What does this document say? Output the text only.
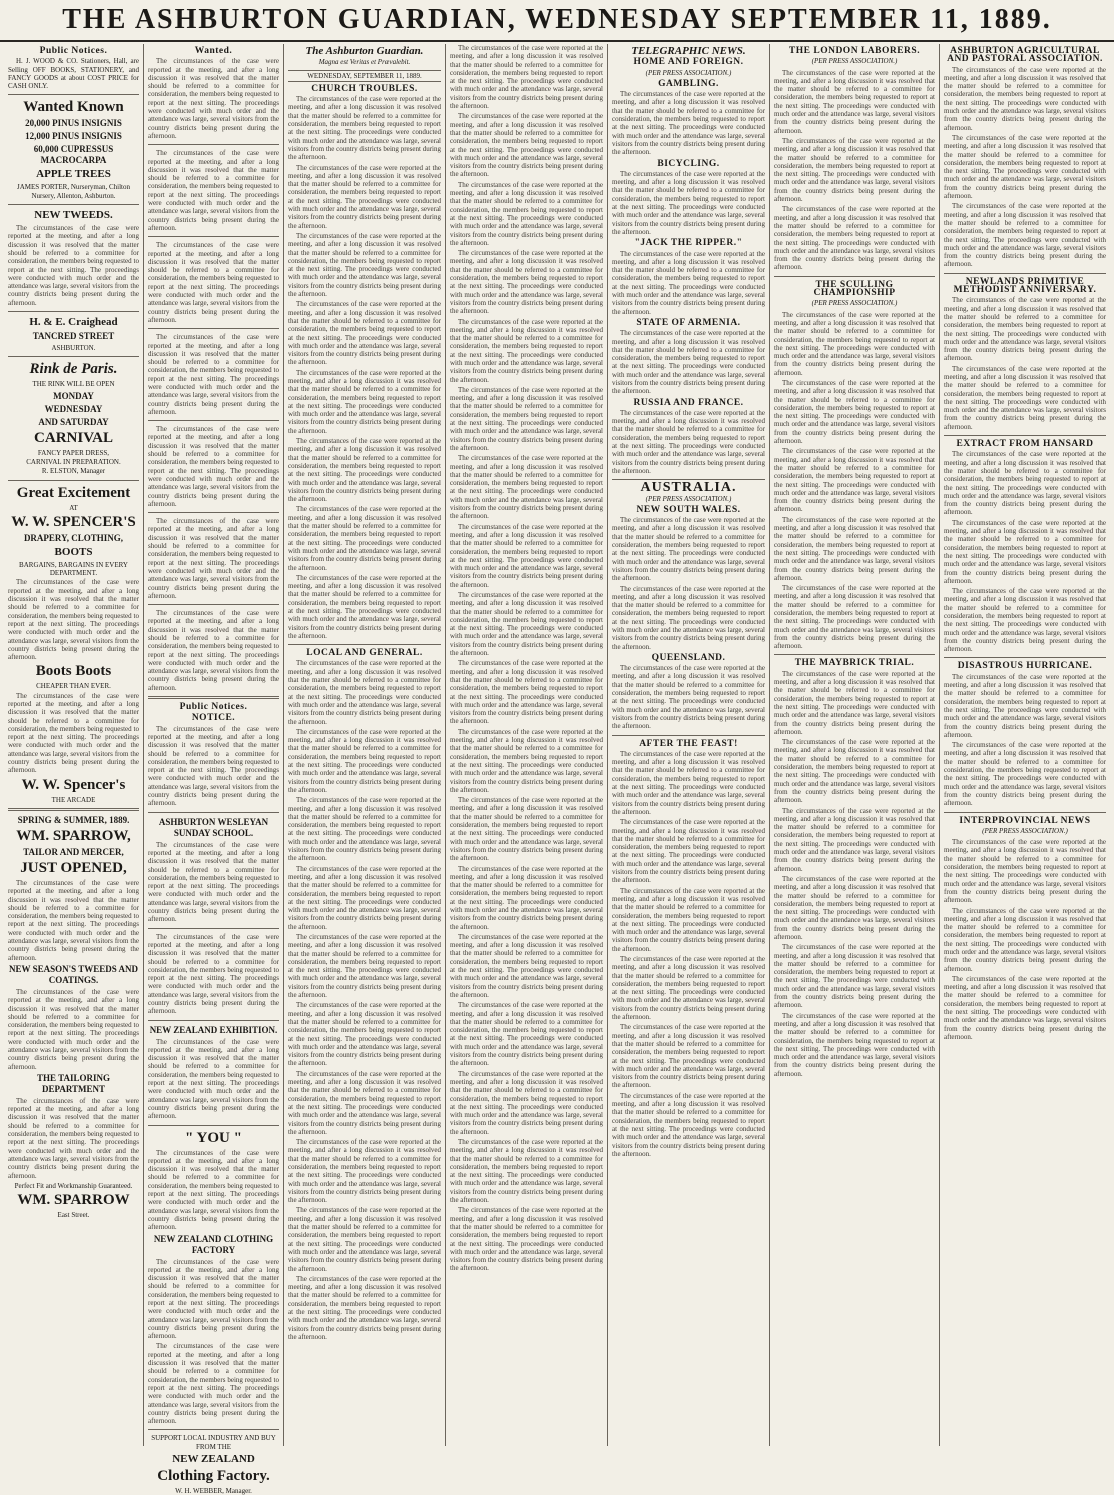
THE ASHBURTON GUARDIAN, WEDNESDAY SEPTEMBER 11, 1889.
Public Notices.
H. J. WOOD & CO. Stationers, Hall, are Selling OFF BOOKS, STATIONERY, and FANCY GOODS at about COST PRICE for CASH ONLY.
Wanted Known
20,000 PINUS INSIGNIS
12,000 PINUS INSIGNIS
60,000 CUPRESSUS MACROCARPA
APPLE TREES
JAMES PORTER, Nurseryman, Chilton Nursery, Allenton, Ashburton.
NEW TWEEDS.
The circumstances of the case were reported at the meeting, and after a long discussion it was resolved that the matter should be referred to a committee for consideration, the members being requested to report at the next sitting. The proceedings were conducted with much order and the attendance was large, several visitors from the country districts being present during the afternoon.
H. & E. Craighead
TANCRED STREET
ASHBURTON.
Rink de Paris.
THE RINK WILL BE OPEN
MONDAY
WEDNESDAY
AND SATURDAY
CARNIVAL
FANCY PAPER DRESS,
CARNIVAL IN PREPARATION.
R. ELSTON, Manager
Great Excitement
AT
W. W. SPENCER'S
DRAPERY, CLOTHING,
BOOTS
BARGAINS, BARGAINS IN EVERY DEPARTMENT.
The circumstances of the case were reported at the meeting, and after a long discussion it was resolved that the matter should be referred to a committee for consideration, the members being requested to report at the next sitting. The proceedings were conducted with much order and the attendance was large, several visitors from the country districts being present during the afternoon.
Boots Boots
CHEAPER THAN EVER.
The circumstances of the case were reported at the meeting, and after a long discussion it was resolved that the matter should be referred to a committee for consideration, the members being requested to report at the next sitting. The proceedings were conducted with much order and the attendance was large, several visitors from the country districts being present during the afternoon.
W. W. Spencer's
THE ARCADE
SPRING & SUMMER, 1889.
WM. SPARROW,
TAILOR AND MERCER,
JUST OPENED,
The circumstances of the case were reported at the meeting, and after a long discussion it was resolved that the matter should be referred to a committee for consideration, the members being requested to report at the next sitting. The proceedings were conducted with much order and the attendance was large, several visitors from the country districts being present during the afternoon.
NEW SEASON'S TWEEDS AND COATINGS.
The circumstances of the case were reported at the meeting, and after a long discussion it was resolved that the matter should be referred to a committee for consideration, the members being requested to report at the next sitting. The proceedings were conducted with much order and the attendance was large, several visitors from the country districts being present during the afternoon.
THE TAILORING DEPARTMENT
The circumstances of the case were reported at the meeting, and after a long discussion it was resolved that the matter should be referred to a committee for consideration, the members being requested to report at the next sitting. The proceedings were conducted with much order and the attendance was large, several visitors from the country districts being present during the afternoon.
Perfect Fit and Workmanship Guaranteed.
WM. SPARROW
East Street.
Wanted.
The circumstances of the case were reported at the meeting, and after a long discussion it was resolved that the matter should be referred to a committee for consideration, the members being requested to report at the next sitting. The proceedings were conducted with much order and the attendance was large, several visitors from the country districts being present during the afternoon.
The circumstances of the case were reported at the meeting, and after a long discussion it was resolved that the matter should be referred to a committee for consideration, the members being requested to report at the next sitting. The proceedings were conducted with much order and the attendance was large, several visitors from the country districts being present during the afternoon.
The circumstances of the case were reported at the meeting, and after a long discussion it was resolved that the matter should be referred to a committee for consideration, the members being requested to report at the next sitting. The proceedings were conducted with much order and the attendance was large, several visitors from the country districts being present during the afternoon.
The circumstances of the case were reported at the meeting, and after a long discussion it was resolved that the matter should be referred to a committee for consideration, the members being requested to report at the next sitting. The proceedings were conducted with much order and the attendance was large, several visitors from the country districts being present during the afternoon.
The circumstances of the case were reported at the meeting, and after a long discussion it was resolved that the matter should be referred to a committee for consideration, the members being requested to report at the next sitting. The proceedings were conducted with much order and the attendance was large, several visitors from the country districts being present during the afternoon.
The circumstances of the case were reported at the meeting, and after a long discussion it was resolved that the matter should be referred to a committee for consideration, the members being requested to report at the next sitting. The proceedings were conducted with much order and the attendance was large, several visitors from the country districts being present during the afternoon.
The circumstances of the case were reported at the meeting, and after a long discussion it was resolved that the matter should be referred to a committee for consideration, the members being requested to report at the next sitting. The proceedings were conducted with much order and the attendance was large, several visitors from the country districts being present during the afternoon.
Public Notices.
NOTICE.
The circumstances of the case were reported at the meeting, and after a long discussion it was resolved that the matter should be referred to a committee for consideration, the members being requested to report at the next sitting. The proceedings were conducted with much order and the attendance was large, several visitors from the country districts being present during the afternoon.
ASHBURTON WESLEYAN SUNDAY SCHOOL.
The circumstances of the case were reported at the meeting, and after a long discussion it was resolved that the matter should be referred to a committee for consideration, the members being requested to report at the next sitting. The proceedings were conducted with much order and the attendance was large, several visitors from the country districts being present during the afternoon.
The circumstances of the case were reported at the meeting, and after a long discussion it was resolved that the matter should be referred to a committee for consideration, the members being requested to report at the next sitting. The proceedings were conducted with much order and the attendance was large, several visitors from the country districts being present during the afternoon.
NEW ZEALAND EXHIBITION.
The circumstances of the case were reported at the meeting, and after a long discussion it was resolved that the matter should be referred to a committee for consideration, the members being requested to report at the next sitting. The proceedings were conducted with much order and the attendance was large, several visitors from the country districts being present during the afternoon.
" YOU "
The circumstances of the case were reported at the meeting, and after a long discussion it was resolved that the matter should be referred to a committee for consideration, the members being requested to report at the next sitting. The proceedings were conducted with much order and the attendance was large, several visitors from the country districts being present during the afternoon.
NEW ZEALAND CLOTHING FACTORY
The circumstances of the case were reported at the meeting, and after a long discussion it was resolved that the matter should be referred to a committee for consideration, the members being requested to report at the next sitting. The proceedings were conducted with much order and the attendance was large, several visitors from the country districts being present during the afternoon.
The circumstances of the case were reported at the meeting, and after a long discussion it was resolved that the matter should be referred to a committee for consideration, the members being requested to report at the next sitting. The proceedings were conducted with much order and the attendance was large, several visitors from the country districts being present during the afternoon.
SUPPORT LOCAL INDUSTRY AND BUY FROM THE
NEW ZEALAND
Clothing Factory.
W. H. WEBBER, Manager.
The Ashburton Guardian.
Magna est Veritas et Prævalebit.
WEDNESDAY, SEPTEMBER 11, 1889.
CHURCH TROUBLES.
The circumstances of the case were reported at the meeting, and after a long discussion it was resolved that the matter should be referred to a committee for consideration, the members being requested to report at the next sitting. The proceedings were conducted with much order and the attendance was large, several visitors from the country districts being present during the afternoon.
The circumstances of the case were reported at the meeting, and after a long discussion it was resolved that the matter should be referred to a committee for consideration, the members being requested to report at the next sitting. The proceedings were conducted with much order and the attendance was large, several visitors from the country districts being present during the afternoon.
The circumstances of the case were reported at the meeting, and after a long discussion it was resolved that the matter should be referred to a committee for consideration, the members being requested to report at the next sitting. The proceedings were conducted with much order and the attendance was large, several visitors from the country districts being present during the afternoon.
The circumstances of the case were reported at the meeting, and after a long discussion it was resolved that the matter should be referred to a committee for consideration, the members being requested to report at the next sitting. The proceedings were conducted with much order and the attendance was large, several visitors from the country districts being present during the afternoon.
The circumstances of the case were reported at the meeting, and after a long discussion it was resolved that the matter should be referred to a committee for consideration, the members being requested to report at the next sitting. The proceedings were conducted with much order and the attendance was large, several visitors from the country districts being present during the afternoon.
The circumstances of the case were reported at the meeting, and after a long discussion it was resolved that the matter should be referred to a committee for consideration, the members being requested to report at the next sitting. The proceedings were conducted with much order and the attendance was large, several visitors from the country districts being present during the afternoon.
The circumstances of the case were reported at the meeting, and after a long discussion it was resolved that the matter should be referred to a committee for consideration, the members being requested to report at the next sitting. The proceedings were conducted with much order and the attendance was large, several visitors from the country districts being present during the afternoon.
The circumstances of the case were reported at the meeting, and after a long discussion it was resolved that the matter should be referred to a committee for consideration, the members being requested to report at the next sitting. The proceedings were conducted with much order and the attendance was large, several visitors from the country districts being present during the afternoon.
LOCAL AND GENERAL.
The circumstances of the case were reported at the meeting, and after a long discussion it was resolved that the matter should be referred to a committee for consideration, the members being requested to report at the next sitting. The proceedings were conducted with much order and the attendance was large, several visitors from the country districts being present during the afternoon.
The circumstances of the case were reported at the meeting, and after a long discussion it was resolved that the matter should be referred to a committee for consideration, the members being requested to report at the next sitting. The proceedings were conducted with much order and the attendance was large, several visitors from the country districts being present during the afternoon.
The circumstances of the case were reported at the meeting, and after a long discussion it was resolved that the matter should be referred to a committee for consideration, the members being requested to report at the next sitting. The proceedings were conducted with much order and the attendance was large, several visitors from the country districts being present during the afternoon.
The circumstances of the case were reported at the meeting, and after a long discussion it was resolved that the matter should be referred to a committee for consideration, the members being requested to report at the next sitting. The proceedings were conducted with much order and the attendance was large, several visitors from the country districts being present during the afternoon.
The circumstances of the case were reported at the meeting, and after a long discussion it was resolved that the matter should be referred to a committee for consideration, the members being requested to report at the next sitting. The proceedings were conducted with much order and the attendance was large, several visitors from the country districts being present during the afternoon.
The circumstances of the case were reported at the meeting, and after a long discussion it was resolved that the matter should be referred to a committee for consideration, the members being requested to report at the next sitting. The proceedings were conducted with much order and the attendance was large, several visitors from the country districts being present during the afternoon.
The circumstances of the case were reported at the meeting, and after a long discussion it was resolved that the matter should be referred to a committee for consideration, the members being requested to report at the next sitting. The proceedings were conducted with much order and the attendance was large, several visitors from the country districts being present during the afternoon.
The circumstances of the case were reported at the meeting, and after a long discussion it was resolved that the matter should be referred to a committee for consideration, the members being requested to report at the next sitting. The proceedings were conducted with much order and the attendance was large, several visitors from the country districts being present during the afternoon.
The circumstances of the case were reported at the meeting, and after a long discussion it was resolved that the matter should be referred to a committee for consideration, the members being requested to report at the next sitting. The proceedings were conducted with much order and the attendance was large, several visitors from the country districts being present during the afternoon.
The circumstances of the case were reported at the meeting, and after a long discussion it was resolved that the matter should be referred to a committee for consideration, the members being requested to report at the next sitting. The proceedings were conducted with much order and the attendance was large, several visitors from the country districts being present during the afternoon.
The circumstances of the case were reported at the meeting, and after a long discussion it was resolved that the matter should be referred to a committee for consideration, the members being requested to report at the next sitting. The proceedings were conducted with much order and the attendance was large, several visitors from the country districts being present during the afternoon.
The circumstances of the case were reported at the meeting, and after a long discussion it was resolved that the matter should be referred to a committee for consideration, the members being requested to report at the next sitting. The proceedings were conducted with much order and the attendance was large, several visitors from the country districts being present during the afternoon.
The circumstances of the case were reported at the meeting, and after a long discussion it was resolved that the matter should be referred to a committee for consideration, the members being requested to report at the next sitting. The proceedings were conducted with much order and the attendance was large, several visitors from the country districts being present during the afternoon.
The circumstances of the case were reported at the meeting, and after a long discussion it was resolved that the matter should be referred to a committee for consideration, the members being requested to report at the next sitting. The proceedings were conducted with much order and the attendance was large, several visitors from the country districts being present during the afternoon.
The circumstances of the case were reported at the meeting, and after a long discussion it was resolved that the matter should be referred to a committee for consideration, the members being requested to report at the next sitting. The proceedings were conducted with much order and the attendance was large, several visitors from the country districts being present during the afternoon.
The circumstances of the case were reported at the meeting, and after a long discussion it was resolved that the matter should be referred to a committee for consideration, the members being requested to report at the next sitting. The proceedings were conducted with much order and the attendance was large, several visitors from the country districts being present during the afternoon.
The circumstances of the case were reported at the meeting, and after a long discussion it was resolved that the matter should be referred to a committee for consideration, the members being requested to report at the next sitting. The proceedings were conducted with much order and the attendance was large, several visitors from the country districts being present during the afternoon.
The circumstances of the case were reported at the meeting, and after a long discussion it was resolved that the matter should be referred to a committee for consideration, the members being requested to report at the next sitting. The proceedings were conducted with much order and the attendance was large, several visitors from the country districts being present during the afternoon.
The circumstances of the case were reported at the meeting, and after a long discussion it was resolved that the matter should be referred to a committee for consideration, the members being requested to report at the next sitting. The proceedings were conducted with much order and the attendance was large, several visitors from the country districts being present during the afternoon.
The circumstances of the case were reported at the meeting, and after a long discussion it was resolved that the matter should be referred to a committee for consideration, the members being requested to report at the next sitting. The proceedings were conducted with much order and the attendance was large, several visitors from the country districts being present during the afternoon.
The circumstances of the case were reported at the meeting, and after a long discussion it was resolved that the matter should be referred to a committee for consideration, the members being requested to report at the next sitting. The proceedings were conducted with much order and the attendance was large, several visitors from the country districts being present during the afternoon.
The circumstances of the case were reported at the meeting, and after a long discussion it was resolved that the matter should be referred to a committee for consideration, the members being requested to report at the next sitting. The proceedings were conducted with much order and the attendance was large, several visitors from the country districts being present during the afternoon.
The circumstances of the case were reported at the meeting, and after a long discussion it was resolved that the matter should be referred to a committee for consideration, the members being requested to report at the next sitting. The proceedings were conducted with much order and the attendance was large, several visitors from the country districts being present during the afternoon.
The circumstances of the case were reported at the meeting, and after a long discussion it was resolved that the matter should be referred to a committee for consideration, the members being requested to report at the next sitting. The proceedings were conducted with much order and the attendance was large, several visitors from the country districts being present during the afternoon.
The circumstances of the case were reported at the meeting, and after a long discussion it was resolved that the matter should be referred to a committee for consideration, the members being requested to report at the next sitting. The proceedings were conducted with much order and the attendance was large, several visitors from the country districts being present during the afternoon.
The circumstances of the case were reported at the meeting, and after a long discussion it was resolved that the matter should be referred to a committee for consideration, the members being requested to report at the next sitting. The proceedings were conducted with much order and the attendance was large, several visitors from the country districts being present during the afternoon.
The circumstances of the case were reported at the meeting, and after a long discussion it was resolved that the matter should be referred to a committee for consideration, the members being requested to report at the next sitting. The proceedings were conducted with much order and the attendance was large, several visitors from the country districts being present during the afternoon.
The circumstances of the case were reported at the meeting, and after a long discussion it was resolved that the matter should be referred to a committee for consideration, the members being requested to report at the next sitting. The proceedings were conducted with much order and the attendance was large, several visitors from the country districts being present during the afternoon.
TELEGRAPHIC NEWS.
HOME AND FOREIGN.
(PER PRESS ASSOCIATION.)
GAMBLING.
The circumstances of the case were reported at the meeting, and after a long discussion it was resolved that the matter should be referred to a committee for consideration, the members being requested to report at the next sitting. The proceedings were conducted with much order and the attendance was large, several visitors from the country districts being present during the afternoon.
BICYCLING.
The circumstances of the case were reported at the meeting, and after a long discussion it was resolved that the matter should be referred to a committee for consideration, the members being requested to report at the next sitting. The proceedings were conducted with much order and the attendance was large, several visitors from the country districts being present during the afternoon.
"JACK THE RIPPER."
The circumstances of the case were reported at the meeting, and after a long discussion it was resolved that the matter should be referred to a committee for consideration, the members being requested to report at the next sitting. The proceedings were conducted with much order and the attendance was large, several visitors from the country districts being present during the afternoon.
STATE OF ARMENIA.
The circumstances of the case were reported at the meeting, and after a long discussion it was resolved that the matter should be referred to a committee for consideration, the members being requested to report at the next sitting. The proceedings were conducted with much order and the attendance was large, several visitors from the country districts being present during the afternoon.
RUSSIA AND FRANCE.
The circumstances of the case were reported at the meeting, and after a long discussion it was resolved that the matter should be referred to a committee for consideration, the members being requested to report at the next sitting. The proceedings were conducted with much order and the attendance was large, several visitors from the country districts being present during the afternoon.
AUSTRALIA.
(PER PRESS ASSOCIATION.)
NEW SOUTH WALES.
The circumstances of the case were reported at the meeting, and after a long discussion it was resolved that the matter should be referred to a committee for consideration, the members being requested to report at the next sitting. The proceedings were conducted with much order and the attendance was large, several visitors from the country districts being present during the afternoon.
The circumstances of the case were reported at the meeting, and after a long discussion it was resolved that the matter should be referred to a committee for consideration, the members being requested to report at the next sitting. The proceedings were conducted with much order and the attendance was large, several visitors from the country districts being present during the afternoon.
QUEENSLAND.
The circumstances of the case were reported at the meeting, and after a long discussion it was resolved that the matter should be referred to a committee for consideration, the members being requested to report at the next sitting. The proceedings were conducted with much order and the attendance was large, several visitors from the country districts being present during the afternoon.
AFTER THE FEAST!
The circumstances of the case were reported at the meeting, and after a long discussion it was resolved that the matter should be referred to a committee for consideration, the members being requested to report at the next sitting. The proceedings were conducted with much order and the attendance was large, several visitors from the country districts being present during the afternoon.
The circumstances of the case were reported at the meeting, and after a long discussion it was resolved that the matter should be referred to a committee for consideration, the members being requested to report at the next sitting. The proceedings were conducted with much order and the attendance was large, several visitors from the country districts being present during the afternoon.
The circumstances of the case were reported at the meeting, and after a long discussion it was resolved that the matter should be referred to a committee for consideration, the members being requested to report at the next sitting. The proceedings were conducted with much order and the attendance was large, several visitors from the country districts being present during the afternoon.
The circumstances of the case were reported at the meeting, and after a long discussion it was resolved that the matter should be referred to a committee for consideration, the members being requested to report at the next sitting. The proceedings were conducted with much order and the attendance was large, several visitors from the country districts being present during the afternoon.
The circumstances of the case were reported at the meeting, and after a long discussion it was resolved that the matter should be referred to a committee for consideration, the members being requested to report at the next sitting. The proceedings were conducted with much order and the attendance was large, several visitors from the country districts being present during the afternoon.
The circumstances of the case were reported at the meeting, and after a long discussion it was resolved that the matter should be referred to a committee for consideration, the members being requested to report at the next sitting. The proceedings were conducted with much order and the attendance was large, several visitors from the country districts being present during the afternoon.
THE LONDON LABORERS.
(PER PRESS ASSOCIATION.)
The circumstances of the case were reported at the meeting, and after a long discussion it was resolved that the matter should be referred to a committee for consideration, the members being requested to report at the next sitting. The proceedings were conducted with much order and the attendance was large, several visitors from the country districts being present during the afternoon.
The circumstances of the case were reported at the meeting, and after a long discussion it was resolved that the matter should be referred to a committee for consideration, the members being requested to report at the next sitting. The proceedings were conducted with much order and the attendance was large, several visitors from the country districts being present during the afternoon.
The circumstances of the case were reported at the meeting, and after a long discussion it was resolved that the matter should be referred to a committee for consideration, the members being requested to report at the next sitting. The proceedings were conducted with much order and the attendance was large, several visitors from the country districts being present during the afternoon.
THE SCULLING CHAMPIONSHIP
(PER PRESS ASSOCIATION.)
The circumstances of the case were reported at the meeting, and after a long discussion it was resolved that the matter should be referred to a committee for consideration, the members being requested to report at the next sitting. The proceedings were conducted with much order and the attendance was large, several visitors from the country districts being present during the afternoon.
The circumstances of the case were reported at the meeting, and after a long discussion it was resolved that the matter should be referred to a committee for consideration, the members being requested to report at the next sitting. The proceedings were conducted with much order and the attendance was large, several visitors from the country districts being present during the afternoon.
The circumstances of the case were reported at the meeting, and after a long discussion it was resolved that the matter should be referred to a committee for consideration, the members being requested to report at the next sitting. The proceedings were conducted with much order and the attendance was large, several visitors from the country districts being present during the afternoon.
The circumstances of the case were reported at the meeting, and after a long discussion it was resolved that the matter should be referred to a committee for consideration, the members being requested to report at the next sitting. The proceedings were conducted with much order and the attendance was large, several visitors from the country districts being present during the afternoon.
The circumstances of the case were reported at the meeting, and after a long discussion it was resolved that the matter should be referred to a committee for consideration, the members being requested to report at the next sitting. The proceedings were conducted with much order and the attendance was large, several visitors from the country districts being present during the afternoon.
THE MAYBRICK TRIAL.
The circumstances of the case were reported at the meeting, and after a long discussion it was resolved that the matter should be referred to a committee for consideration, the members being requested to report at the next sitting. The proceedings were conducted with much order and the attendance was large, several visitors from the country districts being present during the afternoon.
The circumstances of the case were reported at the meeting, and after a long discussion it was resolved that the matter should be referred to a committee for consideration, the members being requested to report at the next sitting. The proceedings were conducted with much order and the attendance was large, several visitors from the country districts being present during the afternoon.
The circumstances of the case were reported at the meeting, and after a long discussion it was resolved that the matter should be referred to a committee for consideration, the members being requested to report at the next sitting. The proceedings were conducted with much order and the attendance was large, several visitors from the country districts being present during the afternoon.
The circumstances of the case were reported at the meeting, and after a long discussion it was resolved that the matter should be referred to a committee for consideration, the members being requested to report at the next sitting. The proceedings were conducted with much order and the attendance was large, several visitors from the country districts being present during the afternoon.
The circumstances of the case were reported at the meeting, and after a long discussion it was resolved that the matter should be referred to a committee for consideration, the members being requested to report at the next sitting. The proceedings were conducted with much order and the attendance was large, several visitors from the country districts being present during the afternoon.
The circumstances of the case were reported at the meeting, and after a long discussion it was resolved that the matter should be referred to a committee for consideration, the members being requested to report at the next sitting. The proceedings were conducted with much order and the attendance was large, several visitors from the country districts being present during the afternoon.
ASHBURTON AGRICULTURAL AND PASTORAL ASSOCIATION.
The circumstances of the case were reported at the meeting, and after a long discussion it was resolved that the matter should be referred to a committee for consideration, the members being requested to report at the next sitting. The proceedings were conducted with much order and the attendance was large, several visitors from the country districts being present during the afternoon.
The circumstances of the case were reported at the meeting, and after a long discussion it was resolved that the matter should be referred to a committee for consideration, the members being requested to report at the next sitting. The proceedings were conducted with much order and the attendance was large, several visitors from the country districts being present during the afternoon.
The circumstances of the case were reported at the meeting, and after a long discussion it was resolved that the matter should be referred to a committee for consideration, the members being requested to report at the next sitting. The proceedings were conducted with much order and the attendance was large, several visitors from the country districts being present during the afternoon.
NEWLANDS PRIMITIVE METHODIST ANNIVERSARY.
The circumstances of the case were reported at the meeting, and after a long discussion it was resolved that the matter should be referred to a committee for consideration, the members being requested to report at the next sitting. The proceedings were conducted with much order and the attendance was large, several visitors from the country districts being present during the afternoon.
The circumstances of the case were reported at the meeting, and after a long discussion it was resolved that the matter should be referred to a committee for consideration, the members being requested to report at the next sitting. The proceedings were conducted with much order and the attendance was large, several visitors from the country districts being present during the afternoon.
EXTRACT FROM HANSARD
The circumstances of the case were reported at the meeting, and after a long discussion it was resolved that the matter should be referred to a committee for consideration, the members being requested to report at the next sitting. The proceedings were conducted with much order and the attendance was large, several visitors from the country districts being present during the afternoon.
The circumstances of the case were reported at the meeting, and after a long discussion it was resolved that the matter should be referred to a committee for consideration, the members being requested to report at the next sitting. The proceedings were conducted with much order and the attendance was large, several visitors from the country districts being present during the afternoon.
The circumstances of the case were reported at the meeting, and after a long discussion it was resolved that the matter should be referred to a committee for consideration, the members being requested to report at the next sitting. The proceedings were conducted with much order and the attendance was large, several visitors from the country districts being present during the afternoon.
DISASTROUS HURRICANE.
The circumstances of the case were reported at the meeting, and after a long discussion it was resolved that the matter should be referred to a committee for consideration, the members being requested to report at the next sitting. The proceedings were conducted with much order and the attendance was large, several visitors from the country districts being present during the afternoon.
The circumstances of the case were reported at the meeting, and after a long discussion it was resolved that the matter should be referred to a committee for consideration, the members being requested to report at the next sitting. The proceedings were conducted with much order and the attendance was large, several visitors from the country districts being present during the afternoon.
INTERPROVINCIAL NEWS
(PER PRESS ASSOCIATION.)
The circumstances of the case were reported at the meeting, and after a long discussion it was resolved that the matter should be referred to a committee for consideration, the members being requested to report at the next sitting. The proceedings were conducted with much order and the attendance was large, several visitors from the country districts being present during the afternoon.
The circumstances of the case were reported at the meeting, and after a long discussion it was resolved that the matter should be referred to a committee for consideration, the members being requested to report at the next sitting. The proceedings were conducted with much order and the attendance was large, several visitors from the country districts being present during the afternoon.
The circumstances of the case were reported at the meeting, and after a long discussion it was resolved that the matter should be referred to a committee for consideration, the members being requested to report at the next sitting. The proceedings were conducted with much order and the attendance was large, several visitors from the country districts being present during the afternoon.
